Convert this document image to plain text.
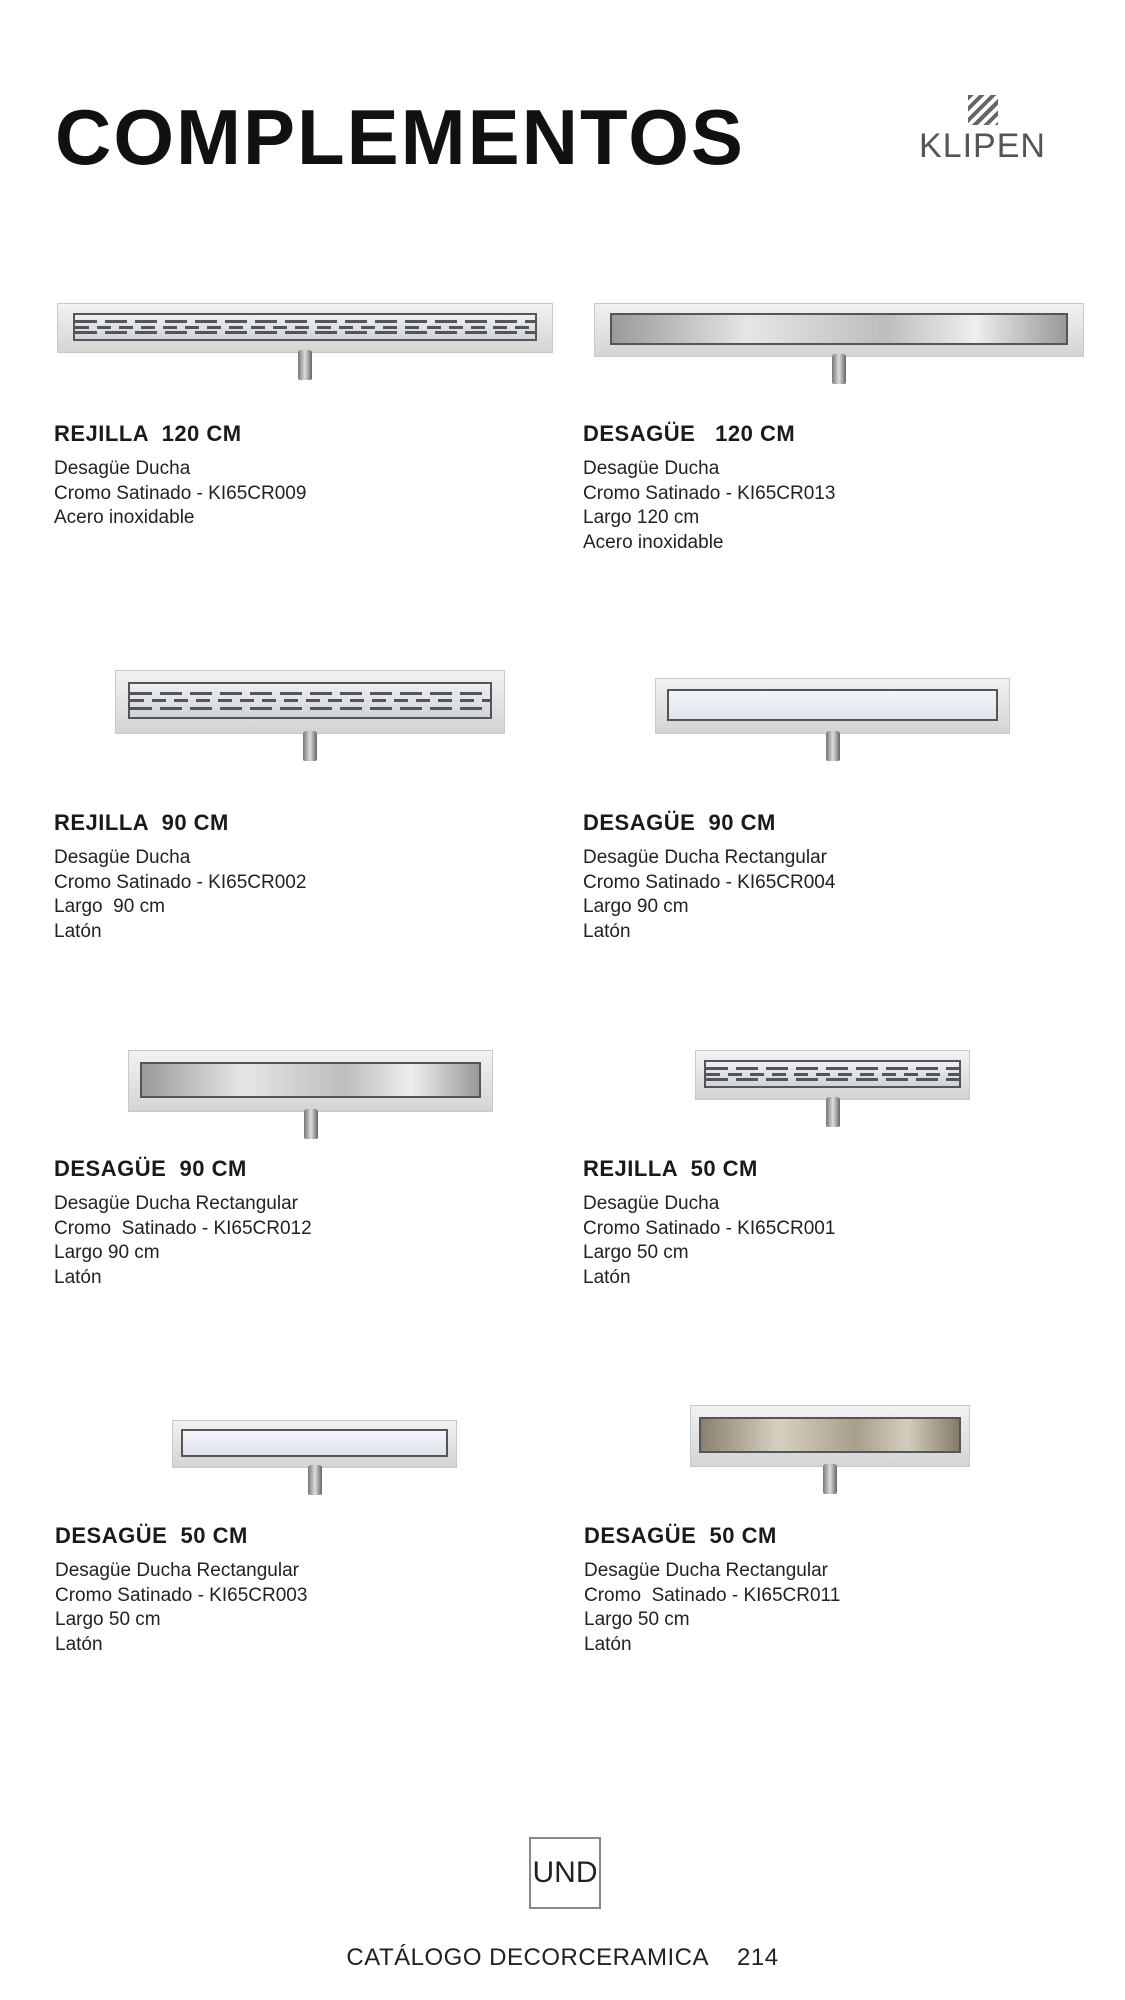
COMPLEMENTOS	KLIPEN
REJILLA  120 CM

Desagüe Ducha

Cromo Satinado - KI65CR009

Acero inoxidable

DESAGÜE   120 CM

Desagüe Ducha

Cromo Satinado - KI65CR013

Largo 120 cm

Acero inoxidable

REJILLA  90 CM

Desagüe Ducha

Cromo Satinado - KI65CR002

Largo  90 cm

Latón

DESAGÜE  90 CM

Desagüe Ducha Rectangular

Cromo Satinado - KI65CR004

Largo 90 cm

Latón

DESAGÜE  90 CM

Desagüe Ducha Rectangular

Cromo  Satinado - KI65CR012

Largo 90 cm

Latón

REJILLA  50 CM

Desagüe Ducha

Cromo Satinado - KI65CR001

Largo 50 cm

Latón

DESAGÜE  50 CM

Desagüe Ducha Rectangular

Cromo Satinado - KI65CR003

Largo 50 cm

Latón

DESAGÜE  50 CM

Desagüe Ducha Rectangular

Cromo  Satinado - KI65CR011

Largo 50 cm

Latón

UND
CATÁLOGO DECORCERAMICA 214
